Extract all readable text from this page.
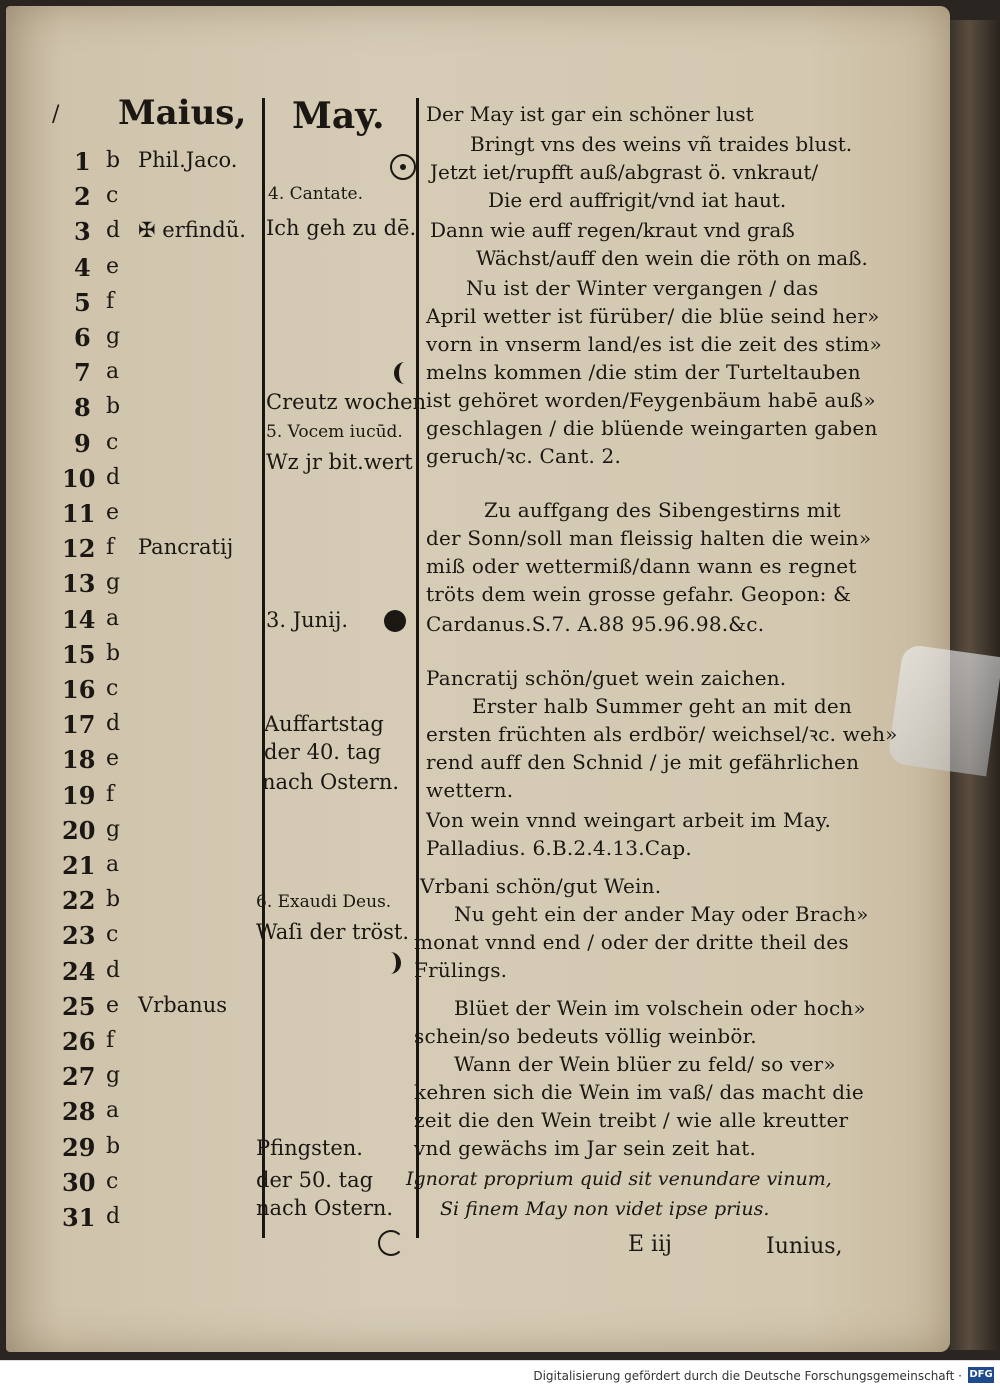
/ Maius, May.
1 b Phil.Jaco.
2 c
3 d ✠ erfindũ.
4 e
5 f
6 g
7 a
8 b
9 c
10 d
11 e
12 f Pancratij
13 g
14 a
15 b
16 c
17 d
18 e
19 f
20 g
21 a
22 b
23 c
24 d
25 e Vrbanus
26 f
27 g
28 a
29 b
30 c
31 d
4. Cantate.
Ich geh zu dē.
Creutz wochen
5. Vocem iucūd.
Wz jr bit.wert
3. Junij.
Auffartstag
der 40. tag
nach Ostern.
6. Exaudi Deus.
Waſi der tröst.
Pfingsten.
der 50. tag
nach Ostern.
Der May ist gar ein schöner lust
Bringt vns des weins vñ traides blust.
Jetzt iet/rupfft auß/abgrast ö. vnkraut/
Die erd auffrigit/vnd iat haut.
Dann wie auff regen/kraut vnd graß
Wächst/auff den wein die röth on maß.
Nu ist der Winter vergangen / das
April wetter ist fürüber/ die blüe seind her»
vorn in vnserm land/es ist die zeit des stim»
melns kommen /die stim der Turteltauben
ist gehöret worden/Feygenbäum habē auß»
geschlagen / die blüende weingarten gaben
geruch/ꝛc. Cant. 2.
Zu auffgang des Sibengestirns mit
der Sonn/soll man fleissig halten die wein»
miß oder wettermiß/dann wann es regnet
tröts dem wein grosse gefahr. Geopon: &
Cardanus.S.7. A.88 95.96.98.&c.
Pancratij schön/guet wein zaichen.
Erster halb Summer geht an mit den
ersten früchten als erdbör/ weichsel/ꝛc. weh»
rend auff den Schnid / je mit gefährlichen
wettern.
Von wein vnnd weingart arbeit im May.
Palladius. 6.B.2.4.13.Cap.
Vrbani schön/gut Wein.
Nu geht ein der ander May oder Brach»
monat vnnd end / oder der dritte theil des
Frülings.
Blüet der Wein im volschein oder hoch»
schein/so bedeuts völlig weinbör.
Wann der Wein blüer zu feld/ so ver»
kehren sich die Wein im vaß/ das macht die
zeit die den Wein treibt / wie alle kreutter
vnd gewächs im Jar sein zeit hat.
Ignorat proprium quid sit venundare vinum,
Si finem May non videt ipse prius.
E iij	Iunius,
Digitalisierung gefördert durch die Deutsche Forschungsgemeinschaft · DFG
